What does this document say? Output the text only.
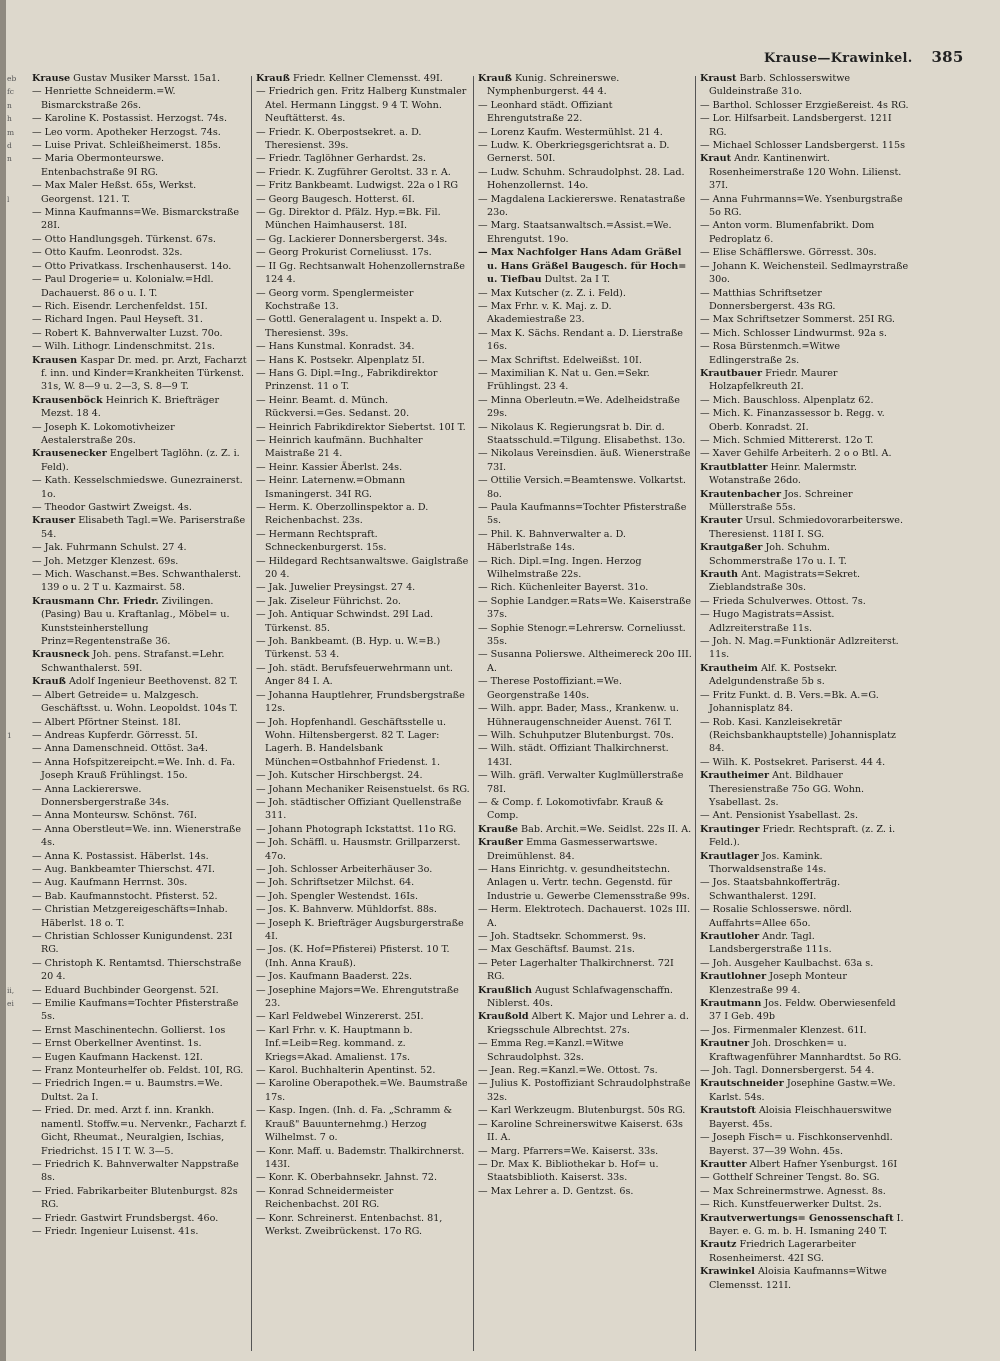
eb
fc
n
h
m
d
n

l

1

ii,
ei

Krause—Krawinkel. 385

Krause Gustav Musiker Marsst. 15a1.

— Henriette Schneiderm.=W. Bismarckstraße 26s.

— Karoline K. Postassist. Herzogst. 74s.

— Leo vorm. Apotheker Herzogst. 74s.

— Luise Privat. Schleißheimerst. 185s.

— Maria Obermonteurswe. Entenbachstraße 9I RG.

— Max Maler Heßst. 65s, Werkst. Georgenst. 121. T.

— Minna Kaufmanns=We. Bismarckstraße 28I.

— Otto Handlungsgeh. Türkenst. 67s.

— Otto Kaufm. Leonrodst. 32s.

— Otto Privatkass. Irschenhauserst. 14o.

— Paul Drogerie= u. Kolonialw.=Hdl. Dachauerst. 86 o u. I. T.

— Rich. Eisendr. Lerchenfeldst. 15I.

— Richard Ingen. Paul Heyseft. 31.

— Robert K. Bahnverwalter Luzst. 70o.

— Wilh. Lithogr. Lindenschmitst. 21s.

Krausen Kaspar Dr. med. pr. Arzt, Facharzt f. inn. und Kinder=Krankheiten Türkenst. 31s, W. 8—9 u. 2—3, S. 8—9 T.

Krausenböck Heinrich K. Briefträger Mezst. 18 4.

— Joseph K. Lokomotivheizer Aestalerstraße 20s.

Krausenecker Engelbert Taglöhn. (z. Z. i. Feld).

— Kath. Kesselschmiedswe. Gunezrainerst. 1o.

— Theodor Gastwirt Zweigst. 4s.

Krauser Elisabeth Tagl.=We. Pariserstraße 54.

— Jak. Fuhrmann Schulst. 27 4.

— Joh. Metzger Klenzest. 69s.

— Mich. Waschanst.=Bes. Schwanthalerst. 139 o u. 2 T u. Kazmairst. 58.

Krausmann Chr. Friedr. Zivilingen. (Pasing) Bau u. Kraftanlag., Möbel= u. Kunststeinherstellung Prinz=Regentenstraße 36.

Krausneck Joh. pens. Strafanst.=Lehr. Schwanthalerst. 59I.

Krauß Adolf Ingenieur Beethovenst. 82 T.

— Albert Getreide= u. Malzgesch. Geschäftsst. u. Wohn. Leopoldst. 104s T.

— Albert Pförtner Steinst. 18I.

— Andreas Kupferdr. Görresst. 5I.

— Anna Damenschneid. Ottöst. 3a4.

— Anna Hofspitzereipcht.=We. Inh. d. Fa. Joseph Krauß Frühlingst. 15o.

— Anna Lackiererswe. Donnersbergerstraße 34s.

— Anna Monteursw. Schönst. 76I.

— Anna Oberstleut=We. inn. Wienerstraße 4s.

— Anna K. Postassist. Häberlst. 14s.

— Aug. Bankbeamter Thierschst. 47I.

— Aug. Kaufmann Herrnst. 30s.

— Bab. Kaufmannstocht. Pfisterst. 52.

— Christian Metzgereigeschäfts=Inhab. Häberlst. 18 o. T.

— Christian Schlosser Kunigundenst. 23I RG.

— Christoph K. Rentamtsd. Thierschstraße 20 4.

— Eduard Buchbinder Georgenst. 52I.

— Emilie Kaufmans=Tochter Pfisterstraße 5s.

— Ernst Maschinentechn. Gollierst. 1os

— Ernst Oberkellner Aventinst. 1s.

— Eugen Kaufmann Hackenst. 12I.

— Franz Monteurhelfer ob. Feldst. 10I, RG.

— Friedrich Ingen.= u. Baumstrs.=We. Dultst. 2a I.

— Fried. Dr. med. Arzt f. inn. Krankh. namentl. Stoffw.=u. Nervenkr., Facharzt f. Gicht, Rheumat., Neuralgien, Ischias, Friedrichst. 15 I T. W. 3—5.

— Friedrich K. Bahnverwalter Nappstraße 8s.

— Fried. Fabrikarbeiter Blutenburgst. 82s RG.

— Friedr. Gastwirt Frundsbergst. 46o.

— Friedr. Ingenieur Luisenst. 41s.

Krauß Friedr. Kellner Clemensst. 49I.

— Friedrich gen. Fritz Halberg Kunstmaler Atel. Hermann Linggst. 9 4 T. Wohn. Neuftätterst. 4s.

— Friedr. K. Oberpostsekret. a. D. Theresienst. 39s.

— Friedr. Taglöhner Gerhardst. 2s.

— Friedr. K. Zugführer Geroltst. 33 r. A.

— Fritz Bankbeamt. Ludwigst. 22a o l RG

— Georg Baugesch. Hotterst. 6I.

— Gg. Direktor d. Pfälz. Hyp.=Bk. Fil. München Haimhauserst. 18I.

— Gg. Lackierer Donnersbergerst. 34s.

— Georg Prokurist Corneliusst. 17s.

— II Gg. Rechtsanwalt Hohenzollernstraße 124 4.

— Georg vorm. Spenglermeister Kochstraße 13.

— Gottl. Generalagent u. Inspekt a. D. Theresienst. 39s.

— Hans Kunstmal. Konradst. 34.

— Hans K. Postsekr. Alpenplatz 5I.

— Hans G. Dipl.=Ing., Fabrikdirektor Prinzenst. 11 o T.

— Heinr. Beamt. d. Münch. Rückversi.=Ges. Sedanst. 20.

— Heinrich Fabrikdirektor Siebertst. 10I T.

— Heinrich kaufmänn. Buchhalter Maistraße 21 4.

— Heinr. Kassier Äberlst. 24s.

— Heinr. Laternenw.=Obmann Ismaningerst. 34I RG.

— Herm. K. Oberzollinspektor a. D. Reichenbachst. 23s.

— Hermann Rechtspraft. Schneckenburgerst. 15s.

— Hildegard Rechtsanwaltswe. Gaiglstraße 20 4.

— Jak. Juwelier Preysingst. 27 4.

— Jak. Ziseleur Führichst. 2o.

— Joh. Antiquar Schwindst. 29I Lad. Türkenst. 85.

— Joh. Bankbeamt. (B. Hyp. u. W.=B.) Türkenst. 53 4.

— Joh. städt. Berufsfeuerwehrmann unt. Anger 84 I. A.

— Johanna Hauptlehrer, Frundsbergstraße 12s.

— Joh. Hopfenhandl. Geschäftsstelle u. Wohn. Hiltensbergerst. 82 T. Lager: Lagerh. B. Handelsbank München=Ostbahnhof Friedenst. 1.

— Joh. Kutscher Hirschbergst. 24.

— Johann Mechaniker Reisenstuelst. 6s RG.

— Joh. städtischer Offiziant Quellenstraße 311.

— Johann Photograph Ickstattst. 11o RG.

— Joh. Schäffl. u. Hausmstr. Grillparzerst. 47o.

— Joh. Schlosser Arbeiterhäuser 3o.

— Joh. Schriftsetzer Milchst. 64.

— Joh. Spengler Westendst. 16Is.

— Jos. K. Bahnverw. Mühldorfst. 88s.

— Joseph K. Briefträger Augsburgerstraße 4I.

— Jos. (K. Hof=Pfisterei) Pfisterst. 10 T. (Inh. Anna Krauß).

— Jos. Kaufmann Baaderst. 22s.

— Josephine Majors=We. Ehrengutstraße 23.

— Karl Feldwebel Winzererst. 25I.

— Karl Frhr. v. K. Hauptmann b. Inf.=Leib=Reg. kommand. z. Kriegs=Akad. Amalienst. 17s.

— Karol. Buchhalterin Apentinst. 52.

— Karoline Oberapothek.=We. Baumstraße 17s.

— Kasp. Ingen. (Inh. d. Fa. „Schramm & Krauß" Bauunternehmg.) Herzog Wilhelmst. 7 o.

— Konr. Maff. u. Bademstr. Thalkirchnerst. 143I.

— Konr. K. Oberbahnsekr. Jahnst. 72.

— Konrad Schneidermeister Reichenbachst. 20I RG.

— Konr. Schreinerst. Entenbachst. 81, Werkst. Zweibrückenst. 17o RG.

Krauß Kunig. Schreinerswe. Nymphenburgerst. 44 4.

— Leonhard städt. Offiziant Ehrengutstraße 22.

— Lorenz Kaufm. Westermühlst. 21 4.

— Ludw. K. Oberkriegsgerichtsrat a. D. Gernerst. 50I.

— Ludw. Schuhm. Schraudolphst. 28. Lad. Hohenzollernst. 14o.

— Magdalena Lackiererswe. Renatastraße 23o.

— Marg. Staatsanwaltsch.=Assist.=We. Ehrengutst. 19o.

— Max Nachfolger Hans Adam Gräßel u. Hans Gräßel Baugesch. für Hoch= u. Tiefbau Dultst. 2a I T.

— Max Kutscher (z. Z. i. Feld).

— Max Frhr. v. K. Maj. z. D. Akademiestraße 23.

— Max K. Sächs. Rendant a. D. Lierstraße 16s.

— Max Schriftst. Edelweißst. 10I.

— Maximilian K. Nat u. Gen.=Sekr. Frühlingst. 23 4.

— Minna Oberleutn.=We. Adelheidstraße 29s.

— Nikolaus K. Regierungsrat b. Dir. d. Staatsschuld.=Tilgung. Elisabethst. 13o.

— Nikolaus Vereinsdien. äuß. Wienerstraße 73I.

— Ottilie Versich.=Beamtenswe. Volkartst. 8o.

— Paula Kaufmanns=Tochter Pfisterstraße 5s.

— Phil. K. Bahnverwalter a. D. Häberlstraße 14s.

— Rich. Dipl.=Ing. Ingen. Herzog Wilhelmstraße 22s.

— Rich. Küchenleiter Bayerst. 31o.

— Sophie Landger.=Rats=We. Kaiserstraße 37s.

— Sophie Stenogr.=Lehrersw. Corneliusst. 35s.

— Susanna Polierswe. Altheimereck 20o III. A.

— Therese Postoffiziant.=We. Georgenstraße 140s.

— Wilh. appr. Bader, Mass., Krankenw. u. Hühneraugenschneider Auenst. 76I T.

— Wilh. Schuhputzer Blutenburgst. 70s.

— Wilh. städt. Offiziant Thalkirchnerst. 143I.

— Wilh. gräfl. Verwalter Kuglmüllerstraße 78I.

— & Comp. f. Lokomotivfabr. Krauß & Comp.

Krauße Bab. Archit.=We. Seidlst. 22s II. A.

Kraußer Emma Gasmesserwartswe. Dreimühlenst. 84.

— Hans Einrichtg. v. gesundheitstechn. Anlagen u. Vertr. techn. Gegenstd. für Industrie u. Gewerbe Clemensstraße 99s.

— Herm. Elektrotech. Dachauerst. 102s III. A.

— Joh. Stadtsekr. Schommerst. 9s.

— Max Geschäftsf. Baumst. 21s.

— Peter Lagerhalter Thalkirchnerst. 72I RG.

Kraußlich August Schlafwagenschaffn. Niblerst. 40s.

Kraußold Albert K. Major und Lehrer a. d. Kriegsschule Albrechtst. 27s.

— Emma Reg.=Kanzl.=Witwe Schraudolphst. 32s.

— Jean. Reg.=Kanzl.=We. Ottost. 7s.

— Julius K. Postoffiziant Schraudolphstraße 32s.

— Karl Werkzeugm. Blutenburgst. 50s RG.

— Karoline Schreinerswitwe Kaiserst. 63s II. A.

— Marg. Pfarrers=We. Kaiserst. 33s.

— Dr. Max K. Bibliothekar b. Hof= u. Staatsbiblioth. Kaiserst. 33s.

— Max Lehrer a. D. Gentzst. 6s.

Kraust Barb. Schlosserswitwe Guldeinstraße 31o.

— Barthol. Schlosser Erzgießereist. 4s RG.

— Lor. Hilfsarbeit. Landsbergerst. 121I RG.

— Michael Schlosser Landsbergerst. 115s

Kraut Andr. Kantinenwirt. Rosenheimerstraße 120 Wohn. Lilienst. 37I.

— Anna Fuhrmanns=We. Ysenburgstraße 5o RG.

— Anton vorm. Blumenfabrikt. Dom Pedroplatz 6.

— Elise Schäfflerswe. Görresst. 30s.

— Johann K. Weichensteil. Sedlmayrstraße 30o.

— Matthias Schriftsetzer Donnersbergerst. 43s RG.

— Max Schriftsetzer Sommerst. 25I RG.

— Mich. Schlosser Lindwurmst. 92a s.

— Rosa Bürstenmch.=Witwe Edlingerstraße 2s.

Krautbauer Friedr. Maurer Holzapfelkreuth 2I.

— Mich. Bauschloss. Alpenplatz 62.

— Mich. K. Finanzassessor b. Regg. v. Oberb. Konradst. 2I.

— Mich. Schmied Mittererst. 12o T.

— Xaver Gehilfe Arbeiterh. 2 o o Btl. A.

Krautblatter Heinr. Malermstr. Wotanstraße 26do.

Krautenbacher Jos. Schreiner Müllerstraße 55s.

Krauter Ursul. Schmiedovorarbeiterswe. Theresienst. 118I I. SG.

Krautgaßer Joh. Schuhm. Schommerstraße 17o u. I. T.

Krauth Ant. Magistrats=Sekret. Zieblandstraße 30s.

— Frieda Schulverwes. Ottost. 7s.

— Hugo Magistrats=Assist. Adlzreiterstraße 11s.

— Joh. N. Mag.=Funktionär Adlzreiterst. 11s.

Krautheim Alf. K. Postsekr. Adelgundenstraße 5b s.

— Fritz Funkt. d. B. Vers.=Bk. A.=G. Johannisplatz 84.

— Rob. Kasi. Kanzleisekretär (Reichsbankhauptstelle) Johannisplatz 84.

— Wilh. K. Postsekret. Pariserst. 44 4.

Krautheimer Ant. Bildhauer Theresienstraße 75o GG. Wohn. Ysabellast. 2s.

— Ant. Pensionist Ysabellast. 2s.

Krautinger Friedr. Rechtspraft. (z. Z. i. Feld.).

Krautlager Jos. Kamink. Thorwaldsenstraße 14s.

— Jos. Staatsbahnkofferträg. Schwanthalerst. 129I.

— Rosalie Schlosserswe. nördl. Auffahrts=Allee 65o.

Krautloher Andr. Tagl. Landsbergerstraße 111s.

— Joh. Ausgeher Kaulbachst. 63a s.

Krautlohner Joseph Monteur Klenzestraße 99 4.

Krautmann Jos. Feldw. Oberwiesenfeld 37 I Geb. 49b

— Jos. Firmenmaler Klenzest. 61I.

Krautner Joh. Droschken= u. Kraftwagenführer Mannhardtst. 5o RG.

— Joh. Tagl. Donnersbergerst. 54 4.

Krautschneider Josephine Gastw.=We. Karlst. 54s.

Krautstoft Aloisia Fleischhauerswitwe Bayerst. 45s.

— Joseph Fisch= u. Fischkonservenhdl. Bayerst. 37—39 Wohn. 45s.

Krautter Albert Hafner Ysenburgst. 16I

— Gotthelf Schreiner Tengst. 8o. SG.

— Max Schreinermstrwe. Agnesst. 8s.

— Rich. Kunstfeuerwerker Dultst. 2s.

Krautverwertungs= Genossenschaft I. Bayer. e. G. m. b. H. Ismaning 240 T.

Krautz Friedrich Lagerarbeiter Rosenheimerst. 42I SG.

Krawinkel Aloisia Kaufmanns=Witwe Clemensst. 121I.
